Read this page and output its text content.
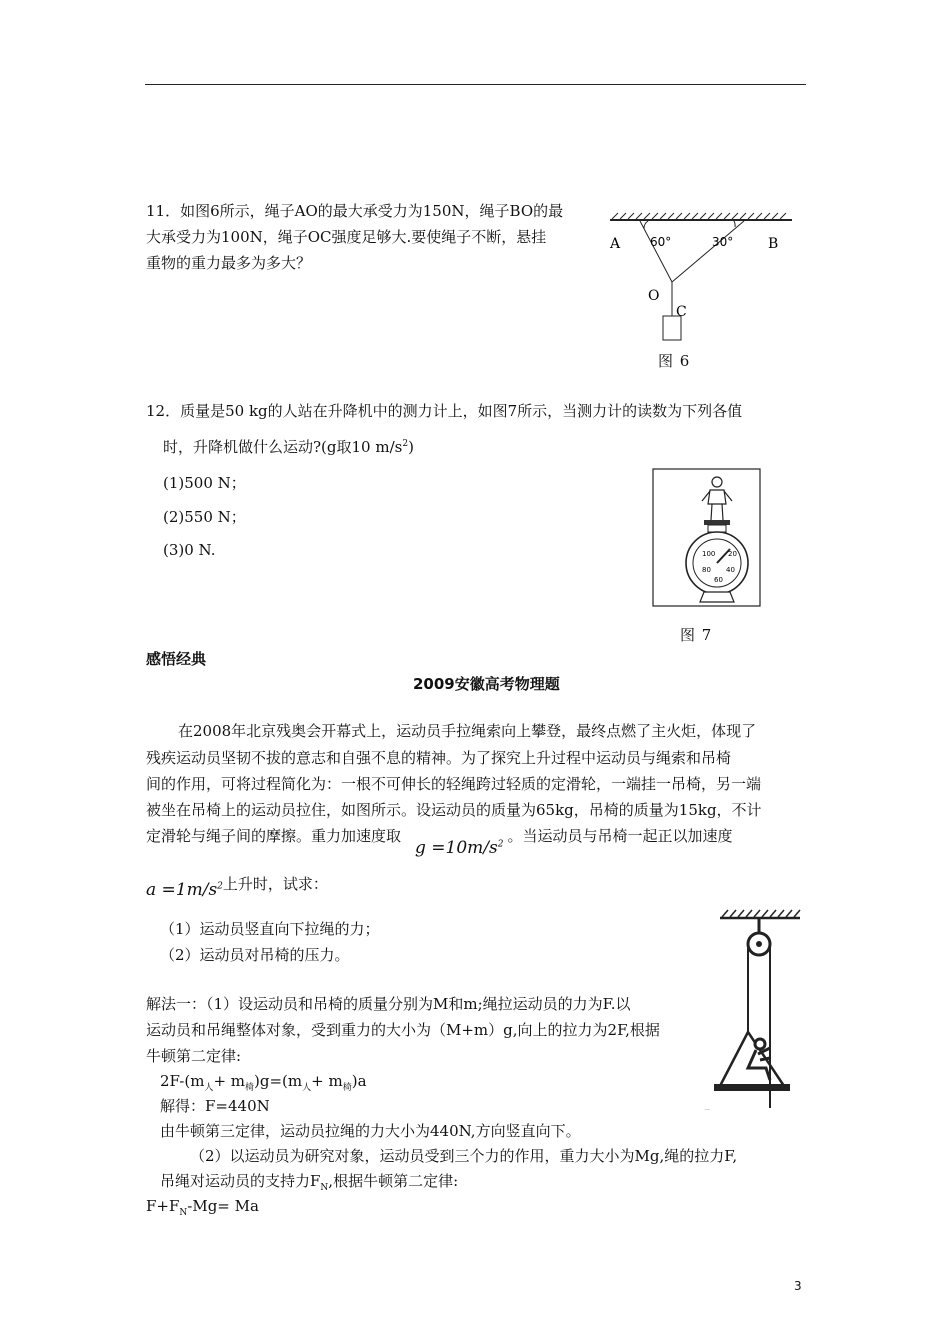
11．如图6所示，绳子AO的最大承受力为150N，绳子BO的最
大承受力为100N，绳子OC强度足够大.要使绳子不断，悬挂
重物的重力最多为多大？
A	B
60°	30°
O
C
图 6
12．质量是50 kg的人站在升降机中的测力计上，如图7所示，当测力计的读数为下列各值
时，升降机做什么运动?(g取10 $m/s^2$)
(1)500 N；
(2)550 N；
(3)0 N.	100 20
80 40
60
图 7
感悟经典
2009安徽高考物理题
在2008年北京残奥会开幕式上，运动员手拉绳索向上攀登，最终点燃了主火炬，体现了
残疾运动员坚韧不拔的意志和自强不息的精神。为了探究上升过程中运动员与绳索和吊椅
间的作用，可将过程简化为：一根不可伸长的轻绳跨过轻质的定滑轮，一端挂一吊椅，另一端
被坐在吊椅上的运动员拉住，如图所示。设运动员的质量为65kg，吊椅的质量为15kg，不计
定滑轮与绳子间的摩擦。重力加速度取$g =10m/s^2$ 。当运动员与吊椅一起正以加速度
$a =1m/s^2$上升时，试求：
（1）运动员竖直向下拉绳的力；
（2）运动员对吊椅的压力。
~
解法一：（1）设运动员和吊椅的质量分别为M和m;绳拉运动员的力为F.以
运动员和吊绳整体对象，受到重力的大小为（M+m）g,向上的拉力为2F,根据
牛顿第二定律:
$2F-(m_人+ m_椅)g=(m_人+ m_椅)a$
解得：F=440N
由牛顿第三定律，运动员拉绳的力大小为440N,方向竖直向下。
（2）以运动员为研究对象，运动员受到三个力的作用，重力大小为Mg,绳的拉力F,
吊绳对运动员的支持力$F_N$,根据牛顿第二定律:
$F+F_N-Mg= Ma$
3
